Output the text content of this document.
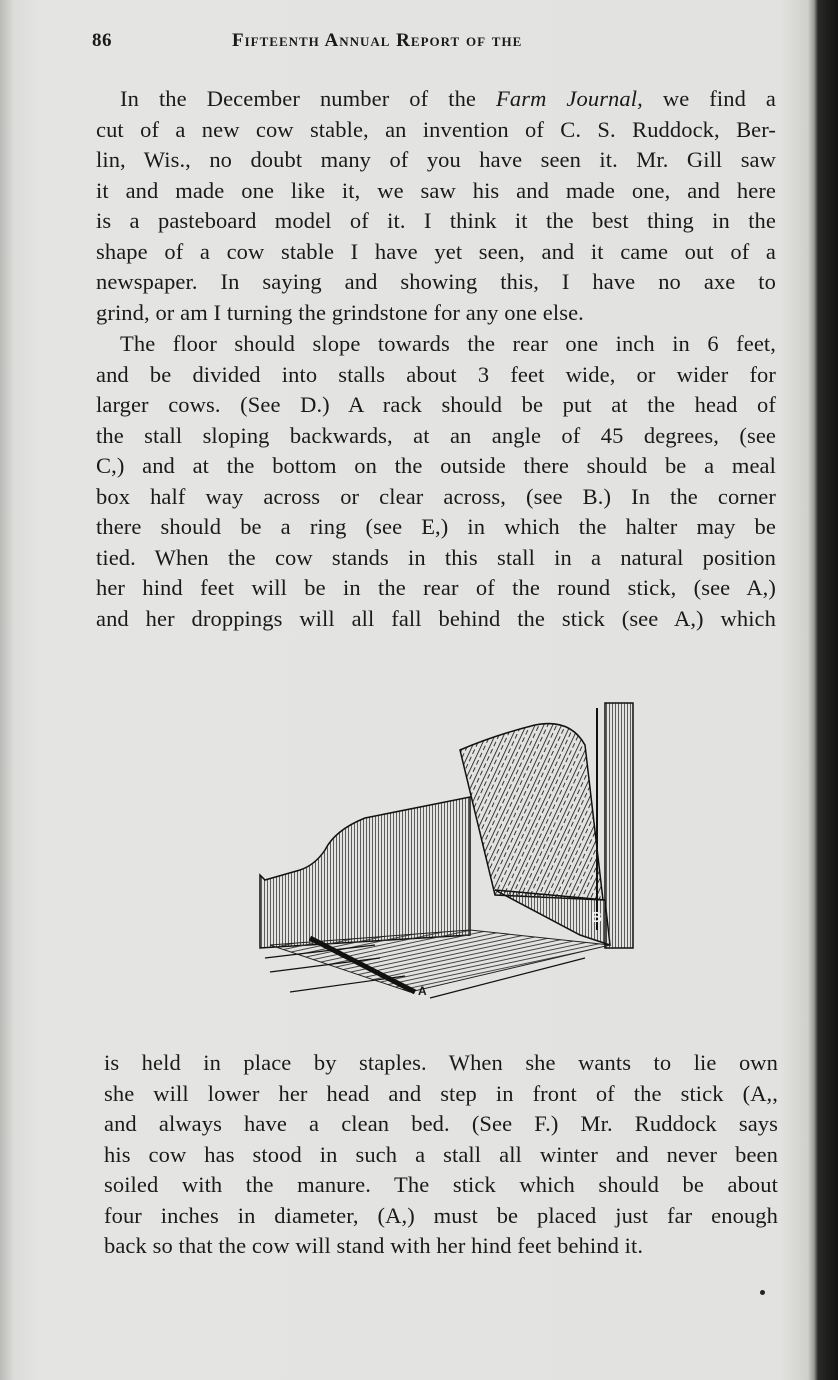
86	Fifteenth Annual Report of the
In the December number of the Farm Journal, we find a
cut of a new cow stable, an invention of C. S. Ruddock, Ber-
lin, Wis., no doubt many of you have seen it. Mr. Gill saw
it and made one like it, we saw his and made one, and here
is a pasteboard model of it. I think it the best thing in the
shape of a cow stable I have yet seen, and it came out of a
newspaper. In saying and showing this, I have no axe to
grind, or am I turning the grindstone for any one else.
The floor should slope towards the rear one inch in 6 feet,
and be divided into stalls about 3 feet wide, or wider for
larger cows. (See D.) A rack should be put at the head of
the stall sloping backwards, at an angle of 45 degrees, (see
C,) and at the bottom on the outside there should be a meal
box half way across or clear across, (see B.) In the corner
there should be a ring (see E,) in which the halter may be
tied. When the cow stands in this stall in a natural position
her hind feet will be in the rear of the round stick, (see A,)
and her droppings will all fall behind the stick (see A,) which
B
A
is held in place by staples. When she wants to lie own
she will lower her head and step in front of the stick (A,,
and always have a clean bed. (See F.) Mr. Ruddock says
his cow has stood in such a stall all winter and never been
soiled with the manure. The stick which should be about
four inches in diameter, (A,) must be placed just far enough
back so that the cow will stand with her hind feet behind it.
